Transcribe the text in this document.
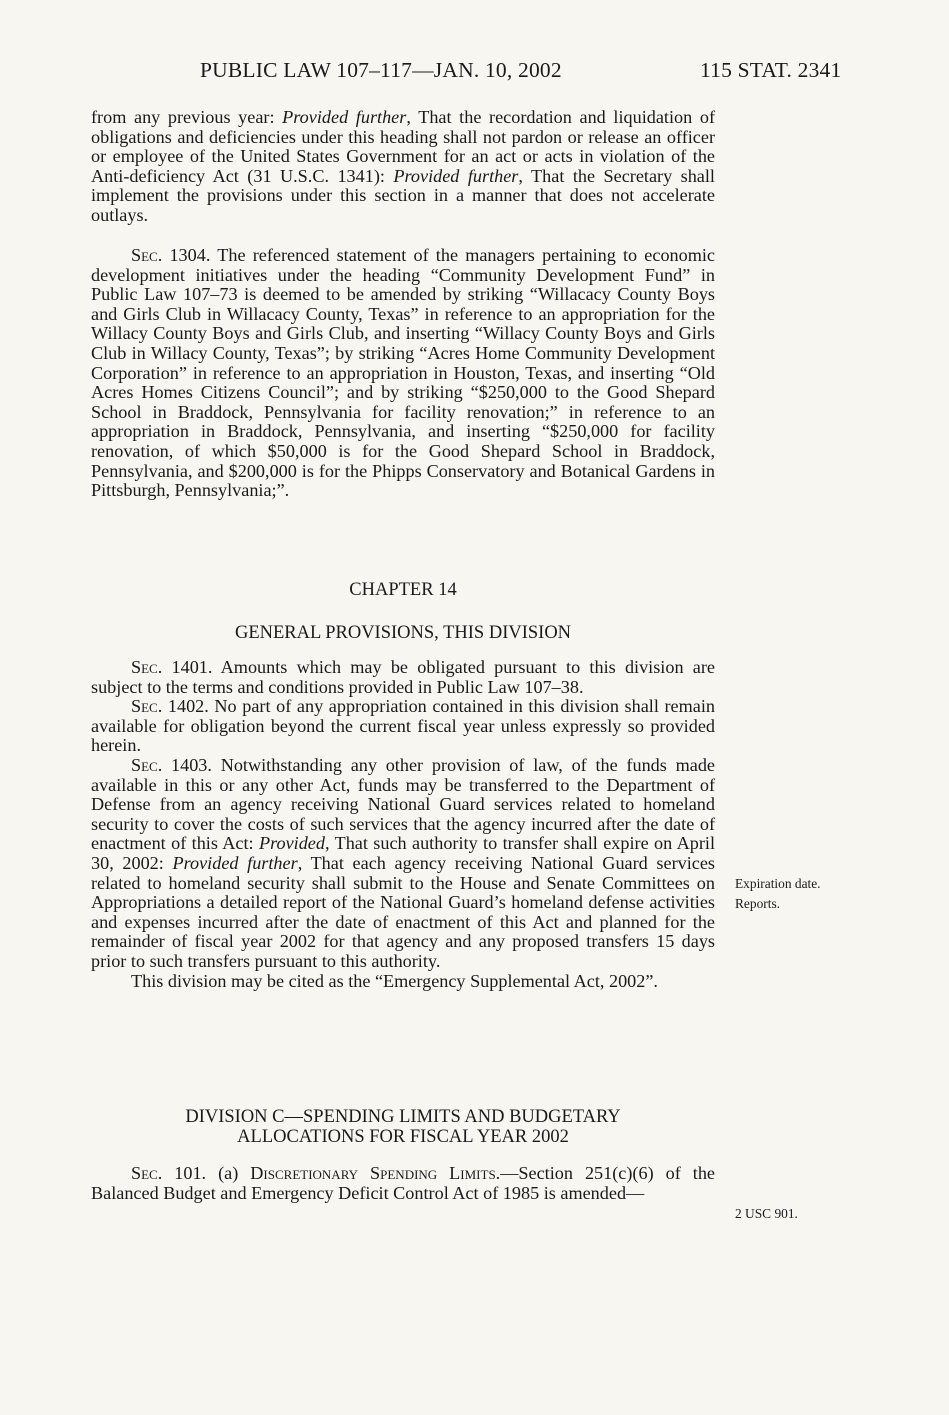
PUBLIC LAW 107–117—JAN. 10, 2002	115 STAT. 2341

from any previous year: Provided further, That the recordation and liquidation of obligations and deficiencies under this heading shall not pardon or release an officer or employee of the United States Government for an act or acts in violation of the Anti-deficiency Act (31 U.S.C. 1341): Provided further, That the Secretary shall implement the provisions under this section in a manner that does not accelerate outlays.

Sec. 1304. The referenced statement of the managers pertaining to economic development initiatives under the heading “Community Development Fund” in Public Law 107–73 is deemed to be amended by striking “Willacacy County Boys and Girls Club in Willacacy County, Texas” in reference to an appropriation for the Willacy County Boys and Girls Club, and inserting “Willacy County Boys and Girls Club in Willacy County, Texas”; by striking “Acres Home Community Development Corporation” in reference to an appropriation in Houston, Texas, and inserting “Old Acres Homes Citizens Council”; and by striking “$250,000 to the Good Shepard School in Braddock, Pennsylvania for facility renovation;” in reference to an appropriation in Braddock, Pennsylvania, and inserting “$250,000 for facility renovation, of which $50,000 is for the Good Shepard School in Braddock, Pennsylvania, and $200,000 is for the Phipps Conservatory and Botanical Gardens in Pittsburgh, Pennsylvania;”.

CHAPTER 14
GENERAL PROVISIONS, THIS DIVISION

Sec. 1401. Amounts which may be obligated pursuant to this division are subject to the terms and conditions provided in Public Law 107–38.

Sec. 1402. No part of any appropriation contained in this division shall remain available for obligation beyond the current fiscal year unless expressly so provided herein.

Sec. 1403. Notwithstanding any other provision of law, of the funds made available in this or any other Act, funds may be transferred to the Department of Defense from an agency receiving National Guard services related to homeland security to cover the costs of such services that the agency incurred after the date of enactment of this Act: Provided, That such authority to transfer shall expire on April 30, 2002: Provided further, That each agency receiving National Guard services related to homeland security shall submit to the House and Senate Committees on Appropriations a detailed report of the National Guard’s homeland defense activities and expenses incurred after the date of enactment of this Act and planned for the remainder of fiscal year 2002 for that agency and any proposed transfers 15 days prior to such transfers pursuant to this authority.

This division may be cited as the “Emergency Supplemental Act, 2002”.

DIVISION C—SPENDING LIMITS AND BUDGETARY
ALLOCATIONS FOR FISCAL YEAR 2002

Sec. 101. (a) Discretionary Spending Limits.—Section 251(c)(6) of the Balanced Budget and Emergency Deficit Control Act of 1985 is amended—

Expiration date.
Reports.
2 USC 901.
